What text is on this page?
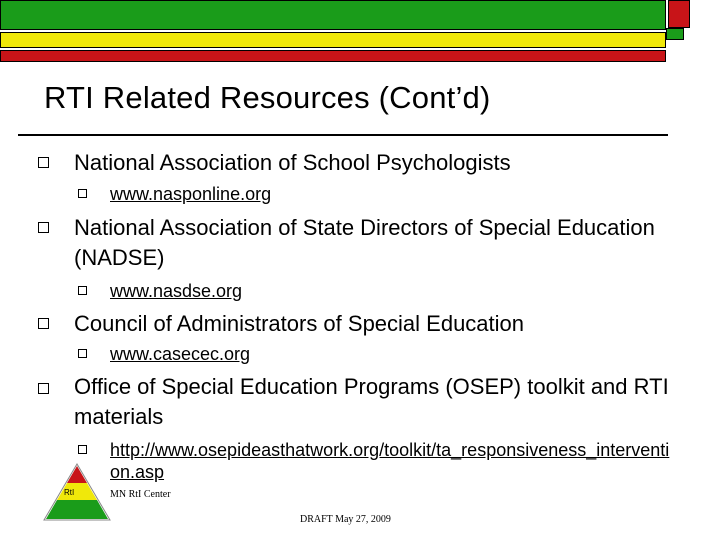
RTI Related Resources (Cont’d)
National Association of School Psychologists
www.nasponline.org
National Association of State Directors of Special Education (NADSE)
www.nasdse.org
Council of Administrators of Special Education
www.casecec.org
Office of Special Education Programs (OSEP) toolkit and RTI materials
http://www.osepideasthatwork.org/toolkit/ta_responsiveness_intervention.asp
RtI	MN RtI Center
DRAFT May 27, 2009
